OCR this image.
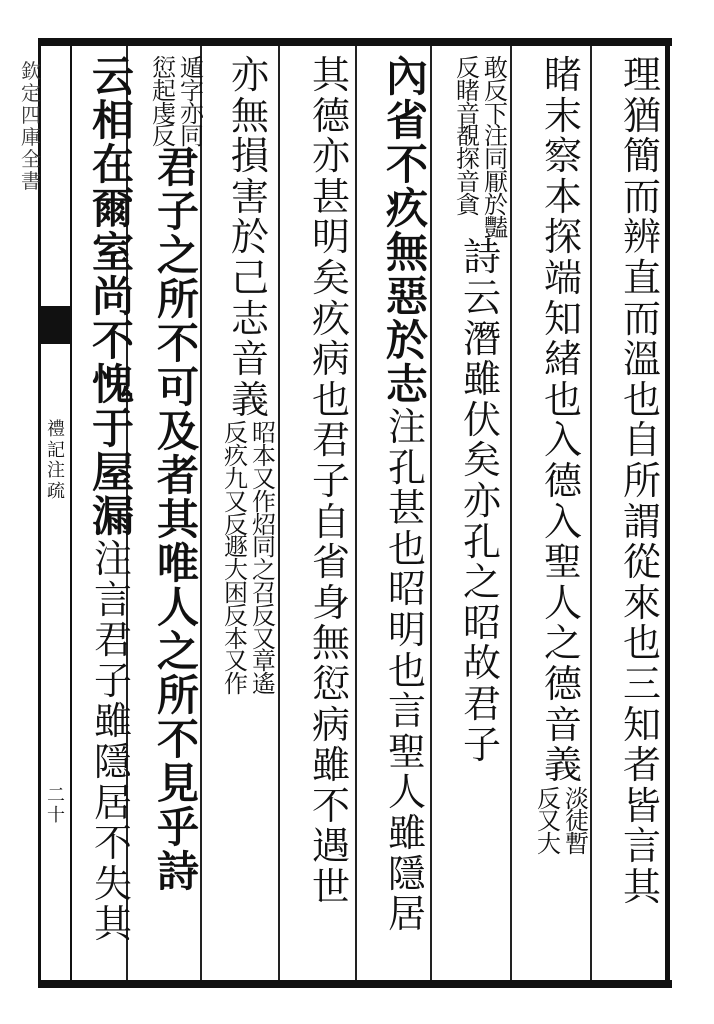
欽
定
四
庫
全
書
禮
記
注
疏
二
十
理
猶
簡
而
辨
直
而
溫
也
自
所
謂
從
來
也
三
知
者
皆
言
其
睹
末
察
本
探
端
知
緒
也
入
德
入
聖
人
之
德
音
義
淡
徒
暫
反
又
大
敢
反
下
注
同
厭
於
豔
反
睹
音
覩
探
音
貪
詩
云
潛
雖
伏
矣
亦
孔
之
昭
故
君
子
內
省
不
疚
無
惡
於
志
注
孔
甚
也
昭
明
也
言
聖
人
雖
隱
居
其
德
亦
甚
明
矣
疚
病
也
君
子
自
省
身
無
愆
病
雖
不
遇
世
亦
無
損
害
於
己
志
音
義
昭
本
又
作
炤
同
之
召
反
又
章
遙
反
疚
九
又
反
遯
大
困
反
本
又
作
遁
字
亦
同
愆
起
虔
反
君
子
之
所
不
可
及
者
其
唯
人
之
所
不
見
乎
詩
云
相
在
爾
室
尚
不
愧
于
屋
漏
注
言
君
子
雖
隱
居
不
失
其
